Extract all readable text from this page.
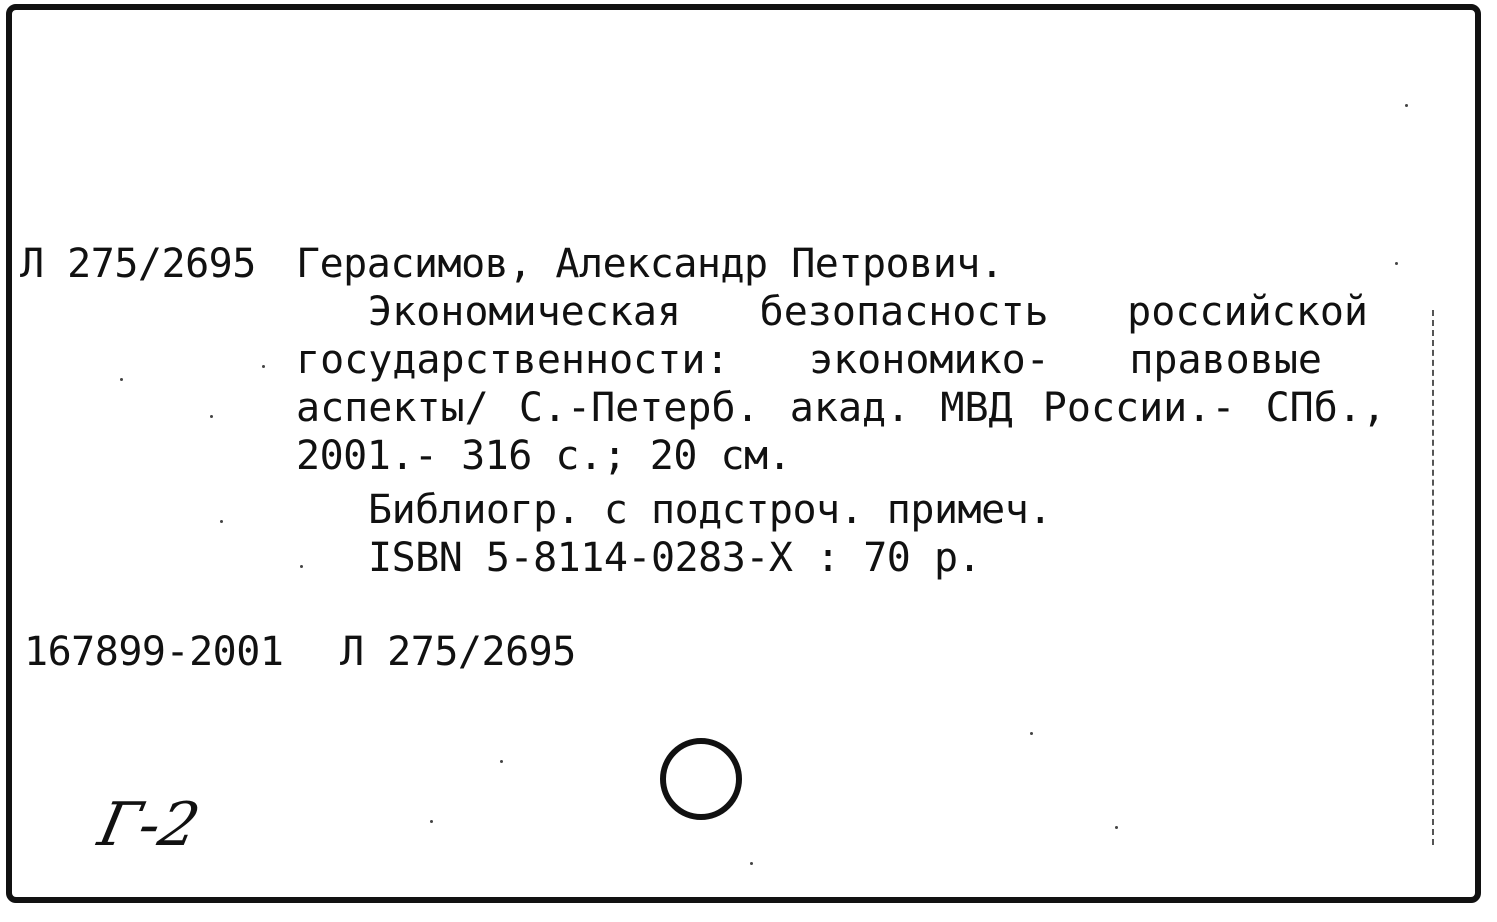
Л 275/2695 Герасимов, Александр Петрович.
Экономическая безопасность российской
государственности: экономико- правовые
аспекты/ С.-Петерб. акад. МВД России.- СПб.,
2001.- 316 с.; 20 см.
Библиогр. с подстроч. примеч.
ISBN 5-8114-0283-X : 70 р.
167899-2001 Л 275/2695
Г-2
